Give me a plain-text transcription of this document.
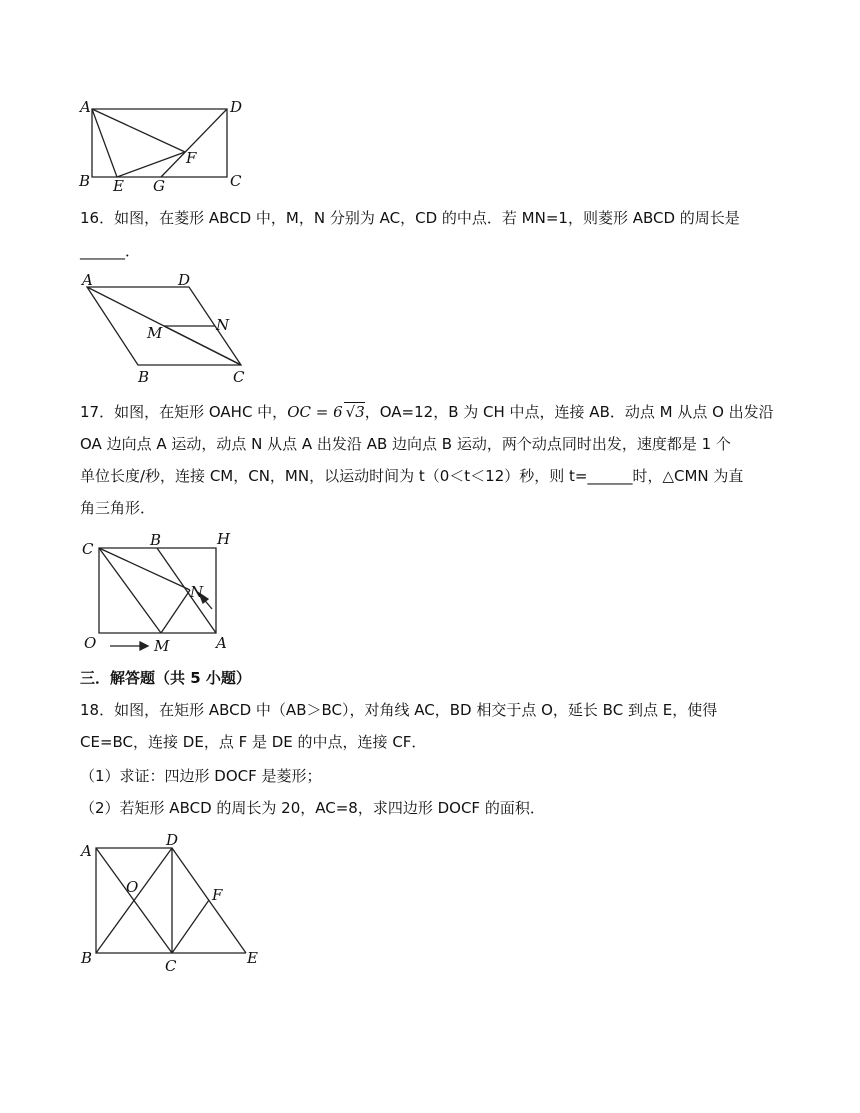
A	D
F
B E G	C
16．如图，在菱形 ABCD 中，M，N 分别为 AC，CD 的中点．若 MN=1，则菱形 ABCD 的周长是
______．
A	D
M	N
B	C
17．如图，在矩形 OAHC 中，OC = 6 √3，OA=12，B 为 CH 中点，连接 AB．动点 M 从点 O 出发沿
OA 边向点 A 运动，动点 N 从点 A 出发沿 AB 边向点 B 运动，两个动点同时出发，速度都是 1 个
单位长度/秒，连接 CM，CN，MN，以运动时间为 t（0＜t＜12）秒，则 t=______时，△CMN 为直
角三角形．
C	B	H
N
O	M	A
三．解答题（共 5 小题）
18．如图，在矩形 ABCD 中（AB＞BC），对角线 AC，BD 相交于点 O，延长 BC 到点 E，使得
CE=BC，连接 DE，点 F 是 DE 的中点，连接 CF．
（1）求证：四边形 DOCF 是菱形；
（2）若矩形 ABCD 的周长为 20，AC=8，求四边形 DOCF 的面积．
A
D
O	F
B	C	E
